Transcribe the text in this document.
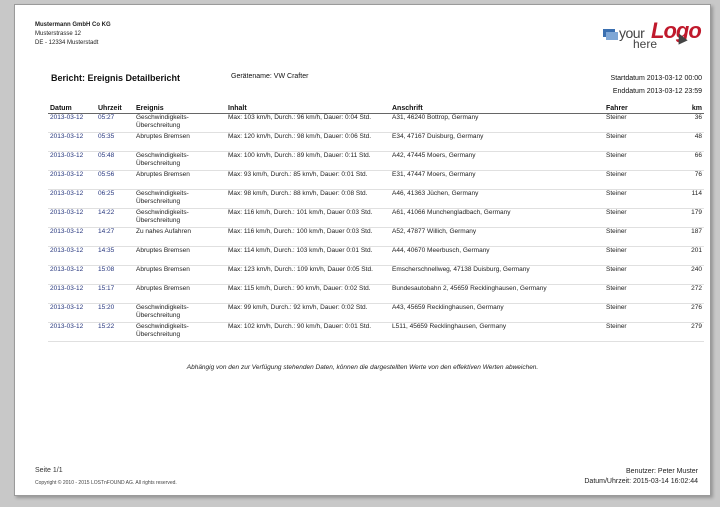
Mustermann GmbH Co KG
Musterstrasse 12
DE - 12334 Musterstadt
your Logo
here
Bericht: Ereignis Detailbericht	Gerätename: VW Crafter	Startdatum 2013-03-12 00:00
Enddatum 2013-03-12 23:59
Datum	Uhrzeit	Ereignis	Inhalt	Anschrift	Fahrer	km
2013-03-12	05:27	Geschwindigkeits-Überschreitung	Max: 103 km/h, Durch.: 96 km/h, Dauer: 0:04 Std.	A31, 46240 Bottrop, Germany	Steiner	36
2013-03-12	05:35	Abruptes Bremsen	Max: 120 km/h, Durch.: 98 km/h, Dauer: 0:06 Std.	E34, 47167 Duisburg, Germany	Steiner	48
2013-03-12	05:48	Geschwindigkeits-Überschreitung	Max: 100 km/h, Durch.: 89 km/h, Dauer: 0:11 Std.	A42, 47445 Moers, Germany	Steiner	66
2013-03-12	05:56	Abruptes Bremsen	Max: 93 km/h, Durch.: 85 km/h, Dauer: 0:01 Std.	E31, 47447 Moers, Germany	Steiner	76
2013-03-12	06:25	Geschwindigkeits-Überschreitung	Max: 98 km/h, Durch.: 88 km/h, Dauer: 0:08 Std.	A46, 41363 Jüchen, Germany	Steiner	114
2013-03-12	14:22	Geschwindigkeits-Überschreitung	Max: 116 km/h, Durch.: 101 km/h, Dauer 0:03 Std.	A61, 41066 Munchengladbach, Germany	Steiner	179
2013-03-12	14:27	Zu nahes Aufahren	Max: 116 km/h, Durch.: 100 km/h, Dauer 0:03 Std.	A52, 47877 Willich, Germany	Steiner	187
2013-03-12	14:35	Abruptes Bremsen	Max: 114 km/h, Durch.: 103 km/h, Dauer 0:01 Std.	A44, 40670 Meerbusch, Germany	Steiner	201
2013-03-12	15:08	Abruptes Bremsen	Max: 123 km/h, Durch.: 109 km/h, Dauer 0:05 Std.	Emscherschnellweg, 47138 Duisburg, Germany	Steiner	240
2013-03-12	15:17	Abruptes Bremsen	Max: 115 km/h, Durch.: 90 km/h, Dauer: 0:02 Std.	Bundesautobahn 2, 45659 Recklinghausen, Germany	Steiner	272
2013-03-12	15:20	Geschwindigkeits-Überschreitung	Max: 99 km/h, Durch.: 92 km/h, Dauer: 0:02 Std.	A43, 45659 Recklinghausen, Germany	Steiner	276
2013-03-12	15:22	Geschwindigkeits-Überschreitung	Max: 102 km/h, Durch.: 90 km/h, Dauer: 0:01 Std.	L511, 45659 Recklinghausen, Germany	Steiner	279
Abhängig von den zur Verfügung stehenden Daten, können die dargestellten Werte von den effektiven Werten abweichen.
Seite 1/1
Copyright © 2010 - 2015 LOSTnFOUND AG. All rights reserved.
Benutzer: Peter Muster
Datum/Uhrzeit: 2015-03-14 16:02:44
